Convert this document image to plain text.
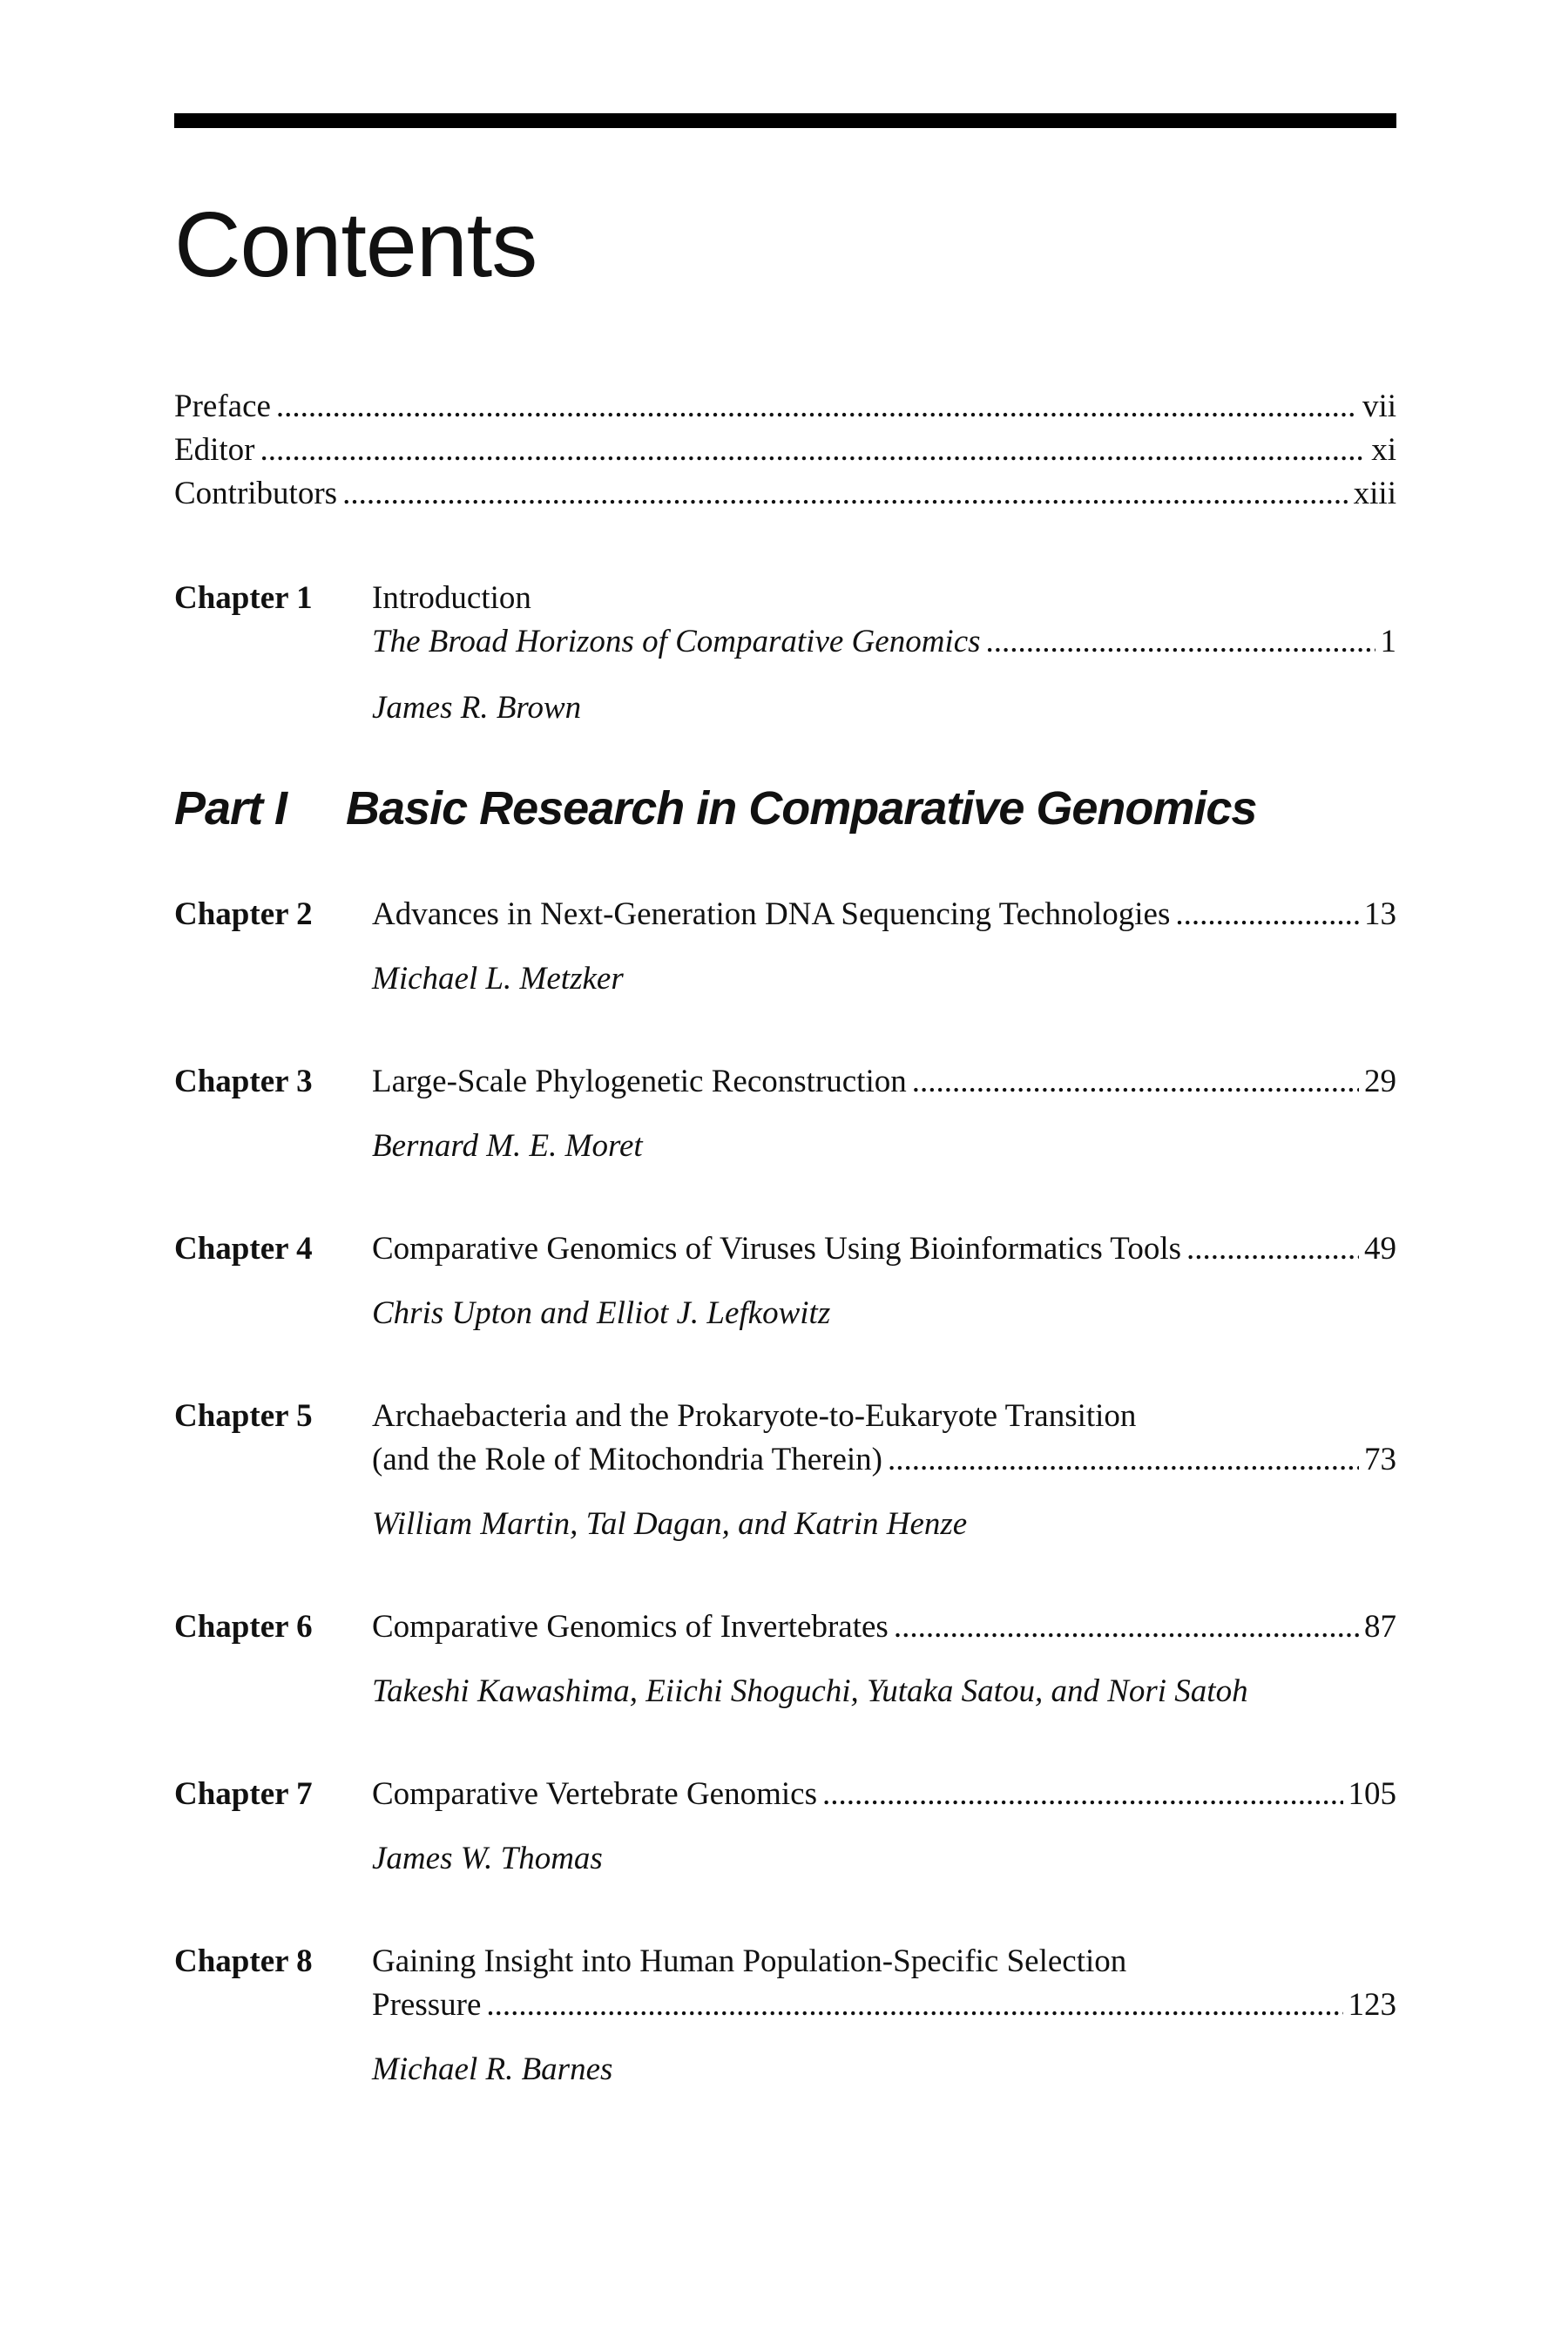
Contents
Preface .....	vii
Editor .....	xi
Contributors .....	xiii
Chapter 1 Introduction
The Broad Horizons of Comparative Genomics .....	1
James R. Brown
Part I Basic Research in Comparative Genomics
Chapter 2 Advances in Next-Generation DNA Sequencing Technologies .....	13
Michael L. Metzker
Chapter 3 Large-Scale Phylogenetic Reconstruction .....	29
Bernard M. E. Moret
Chapter 4 Comparative Genomics of Viruses Using Bioinformatics Tools .....	49
Chris Upton and Elliot J. Lefkowitz
Chapter 5 Archaebacteria and the Prokaryote-to-Eukaryote Transition
(and the Role of Mitochondria Therein) .....	73
William Martin, Tal Dagan, and Katrin Henze
Chapter 6 Comparative Genomics of Invertebrates .....	87
Takeshi Kawashima, Eiichi Shoguchi, Yutaka Satou, and Nori Satoh
Chapter 7 Comparative Vertebrate Genomics .....	105
James W. Thomas
Chapter 8 Gaining Insight into Human Population-Specific Selection
Pressure .....	123
Michael R. Barnes
